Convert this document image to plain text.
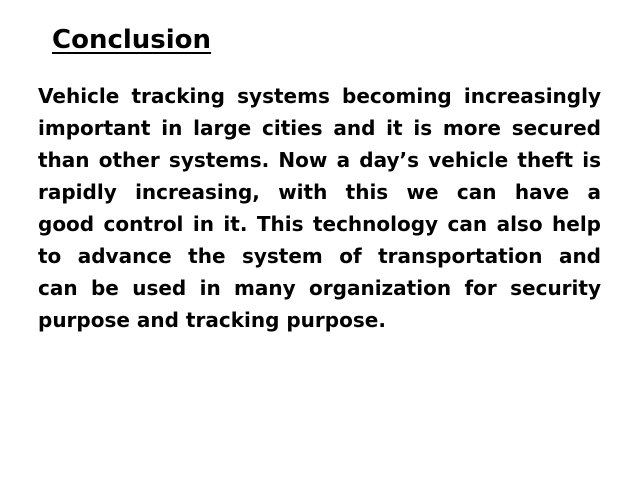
Conclusion
Vehicle tracking systems becoming increasingly
important in large cities and it is more secured
than other systems. Now a day’s vehicle theft is
rapidly increasing, with this we can have a
good control in it. This technology can also help
to advance the system of transportation and
can be used in many organization for security
purpose and tracking purpose.
